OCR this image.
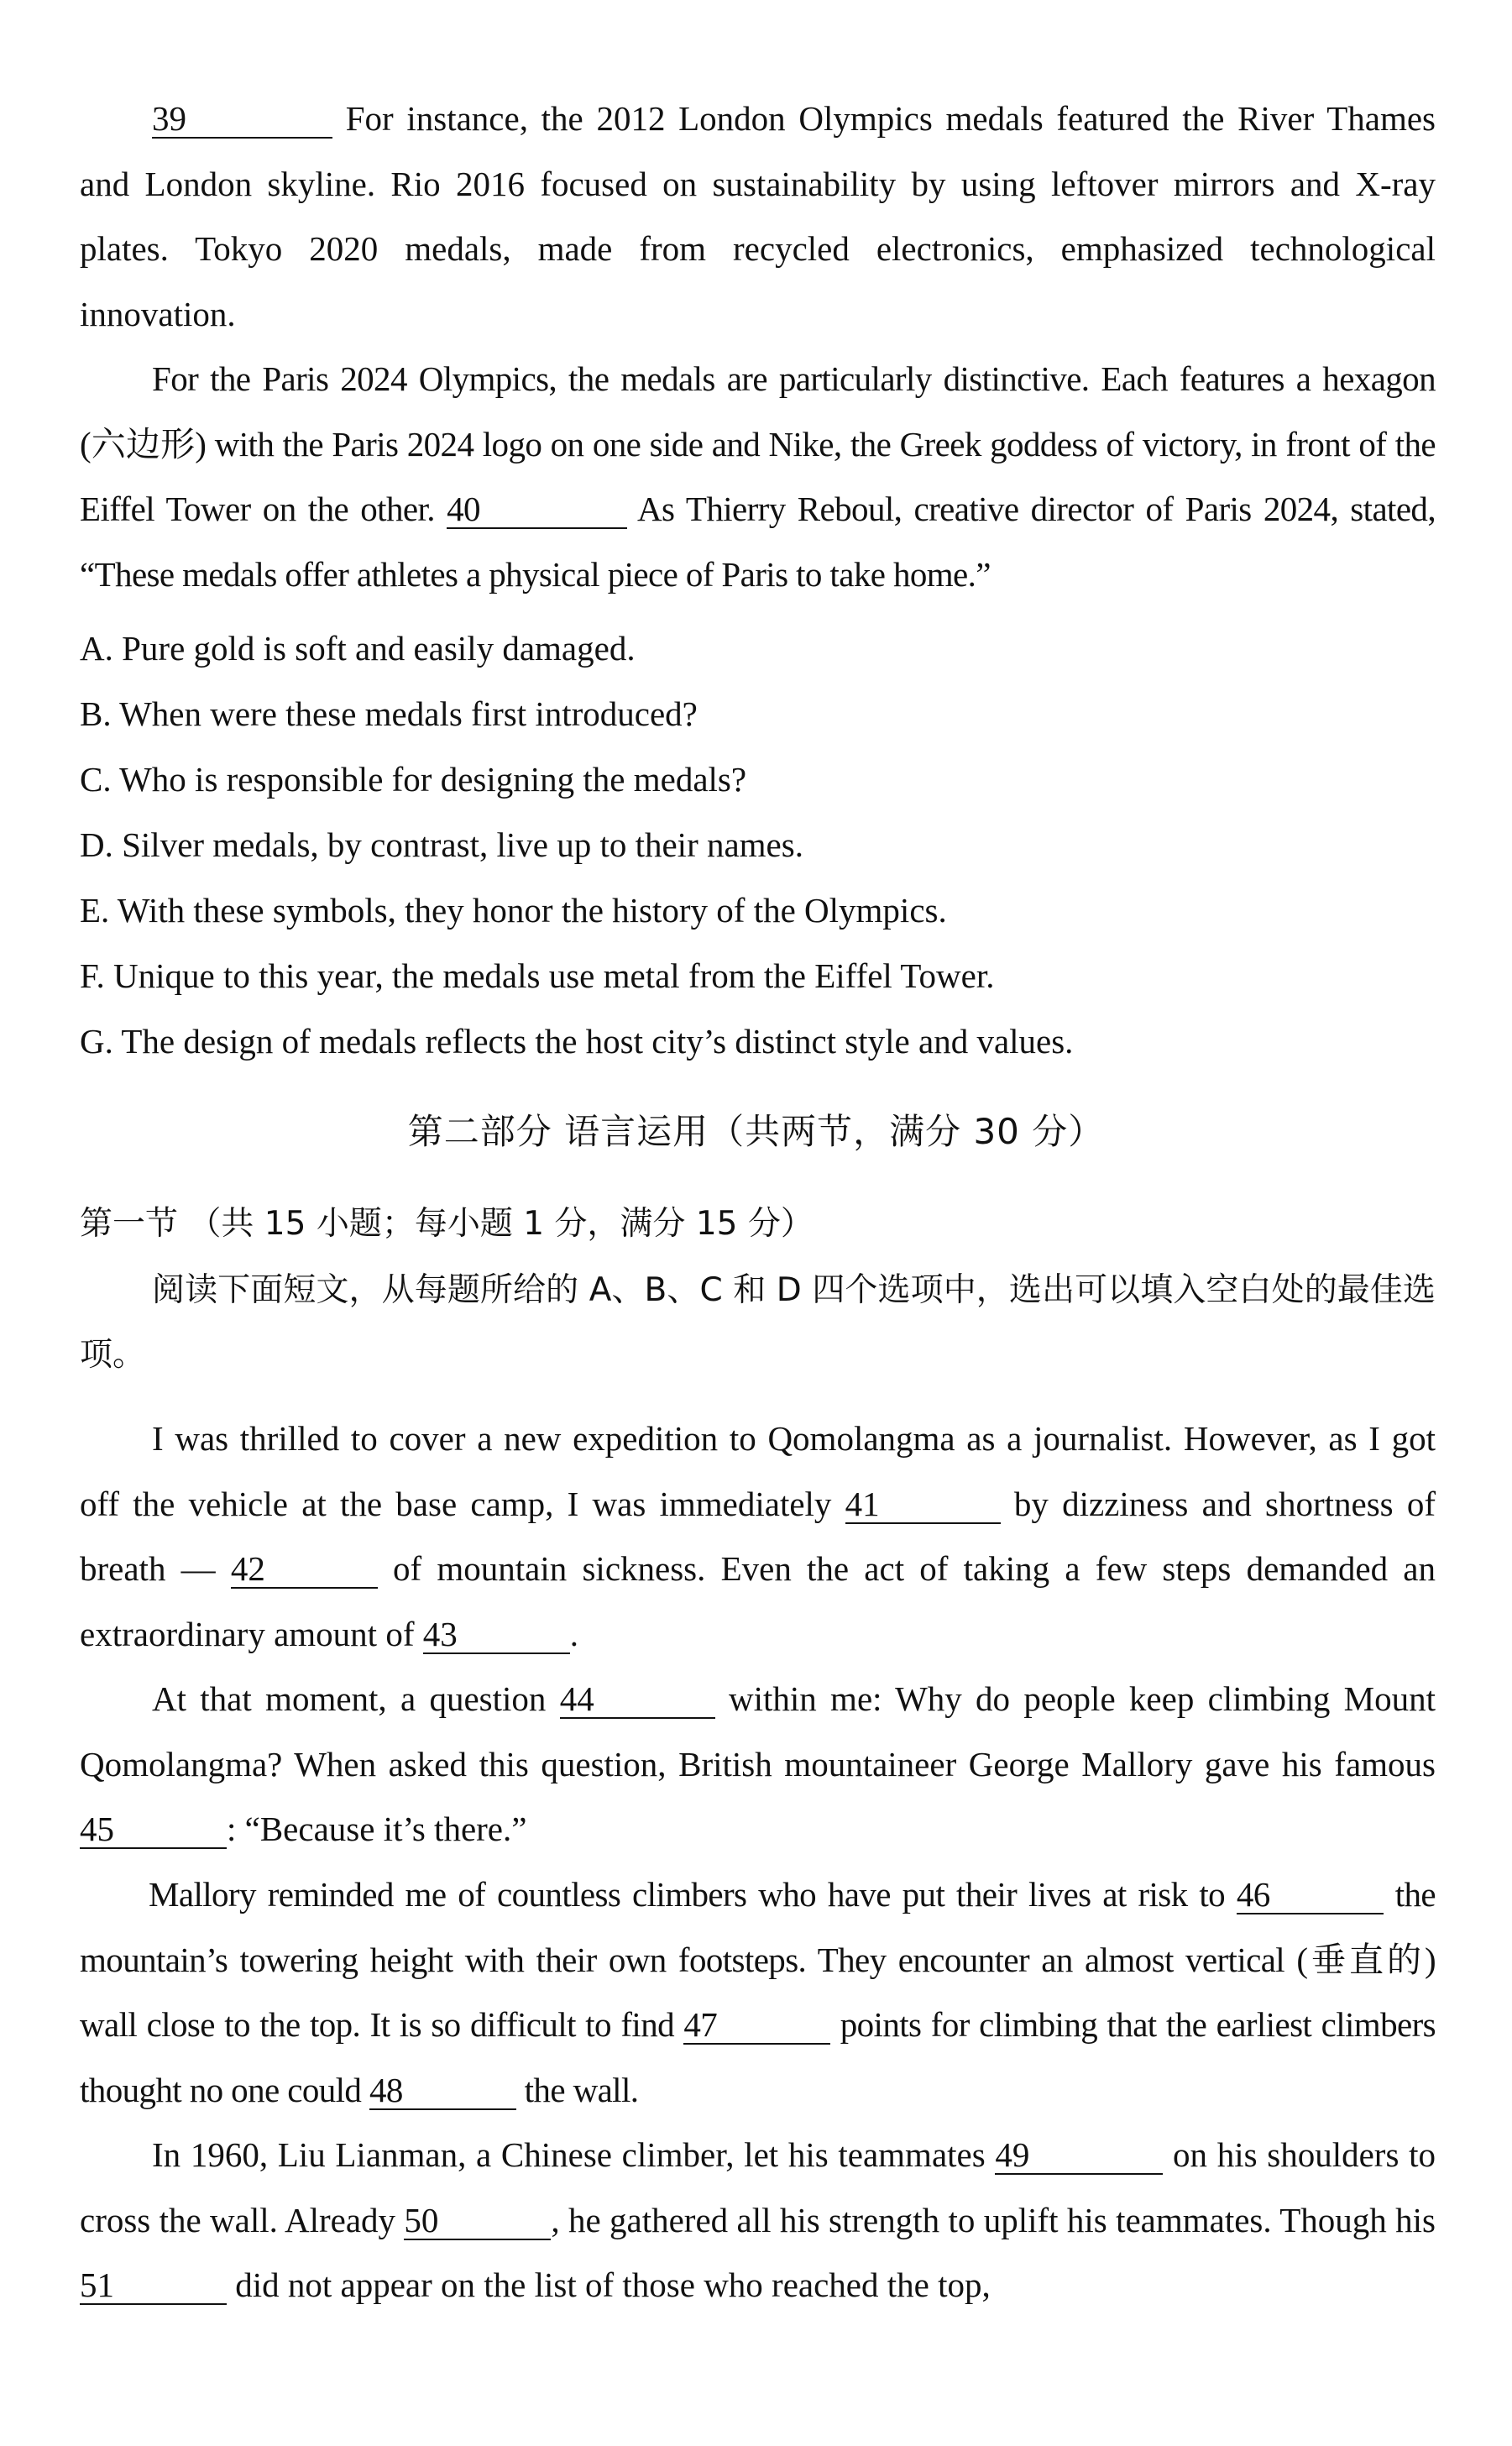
39	For instance, the 2012 London Olympics medals featured the River Thames and London skyline. Rio 2016 focused on sustainability by using leftover mirrors and X-ray plates. Tokyo 2020 medals, made from recycled electronics, emphasized technological innovation.

For the Paris 2024 Olympics, the medals are particularly distinctive. Each features a hexagon (六边形) with the Paris 2024 logo on one side and Nike, the Greek goddess of victory, in front of the Eiffel Tower on the other. 40	As Thierry Reboul, creative director of Paris 2024, stated, “These medals offer athletes a physical piece of Paris to take home.”

A. Pure gold is soft and easily damaged.
B. When were these medals first introduced?
C. Who is responsible for designing the medals?
D. Silver medals, by contrast, live up to their names.
E. With these symbols, they honor the history of the Olympics.
F. Unique to this year, the medals use metal from the Eiffel Tower.
G. The design of medals reflects the host city’s distinct style and values.
第二部分 语言运用（共两节，满分 30 分）
第一节 （共 15 小题；每小题 1 分，满分 15 分）
阅读下面短文，从每题所给的 A、B、C 和 D 四个选项中，选出可以填入空白处的最佳选项。

I was thrilled to cover a new expedition to Qomolangma as a journalist. However, as I got off the vehicle at the base camp, I was immediately 41	by dizziness and shortness of breath — 42	of mountain sickness. Even the act of taking a few steps demanded an extraordinary amount of 43	.

At that moment, a question 44	within me: Why do people keep climbing Mount Qomolangma? When asked this question, British mountaineer George Mallory gave his famous 45	: “Because it’s there.”

Mallory reminded me of countless climbers who have put their lives at risk to 46	the mountain’s towering height with their own footsteps. They encounter an almost vertical (垂直的) wall close to the top. It is so difficult to find 47	points for climbing that the earliest climbers thought no one could 48	the wall.

In 1960, Liu Lianman, a Chinese climber, let his teammates 49	on his shoulders to cross the wall. Already 50	, he gathered all his strength to uplift his teammates. Though his 51	did not appear on the list of those who reached the top,
